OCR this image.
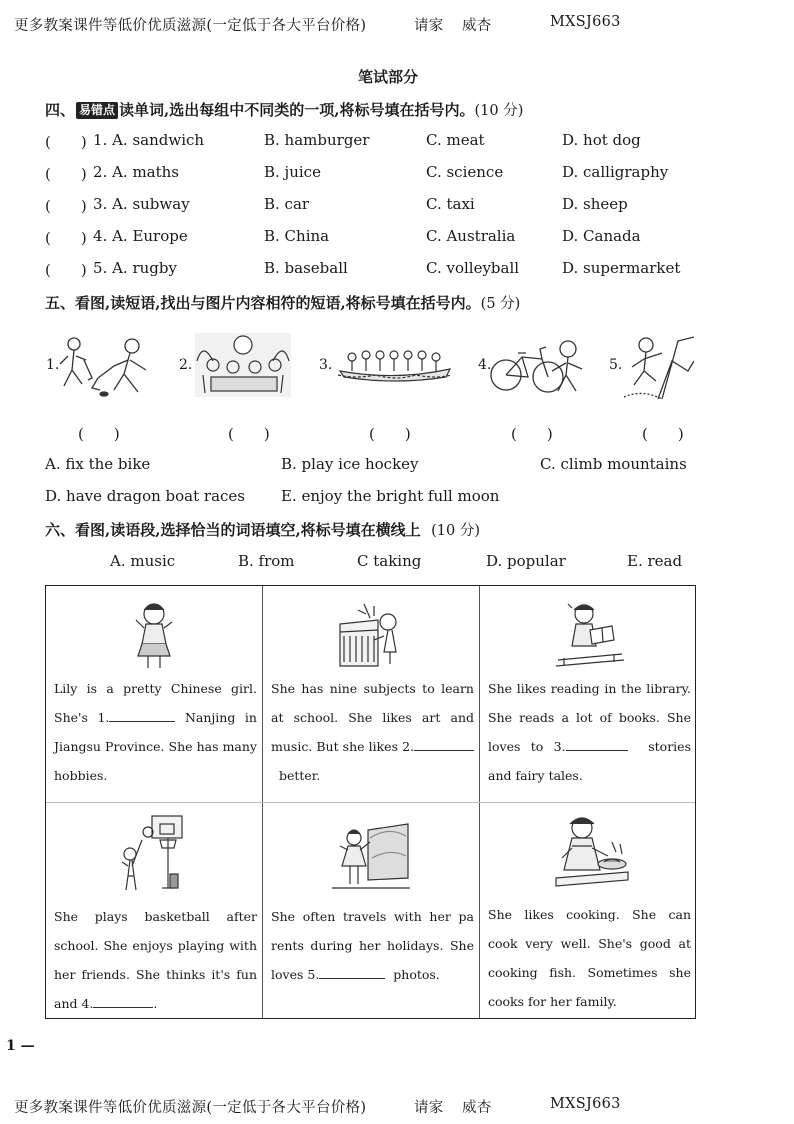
更多教案课件等低价优质滋源(一定低于各大平台价格)	请家 威杏	MXSJ663
笔试部分
四、 易错点 读单词,选出每组中不同类的一项,将标号填在括号内。(10 分)
(　　) 1. A. sandwich	B. hamburger	C. meat	D. hot dog
(　　) 2. A. maths	B. juice	C. science	D. calligraphy
(　　) 3. A. subway	B. car	C. taxi	D. sheep
(　　) 4. A. Europe	B. China	C. Australia	D. Canada
(　　) 5. A. rugby	B. baseball	C. volleyball	D. supermarket
五、看图,读短语,找出与图片内容相符的短语,将标号填在括号内。(5 分)
1.	2.	3.	4.	5.
(　　)	(　　)	(　　)	(　　)	(　　)
A. fix the bike	B. play ice hockey	C. climb mountains
D. have dragon boat races E. enjoy the bright full moon
六、看图,读语段,选择恰当的词语填空,将标号填在横线上 (10 分)
A. music	B. from	C taking	D. popular	E. read
Lily is a pretty Chinese girl. She's 1.	Nanjing in Jiangsu Province. She has many hobbies.
She has nine subjects to learn at school. She likes art and music. But she likes 2.  better.
She likes reading in the library. She reads a lot of books. She loves to 3.	stories and fairy tales.
She plays basketball after school. She enjoys playing with her friends. She thinks it's fun and 4.	.
She often travels with her pa rents during her holidays. She loves 5.	photos.
She likes cooking. She can cook very well. She's good at cooking fish. Sometimes she cooks for her family.
1 —
更多教案课件等低价优质滋源(一定低于各大平台价格)	请家 威杏	MXSJ663
